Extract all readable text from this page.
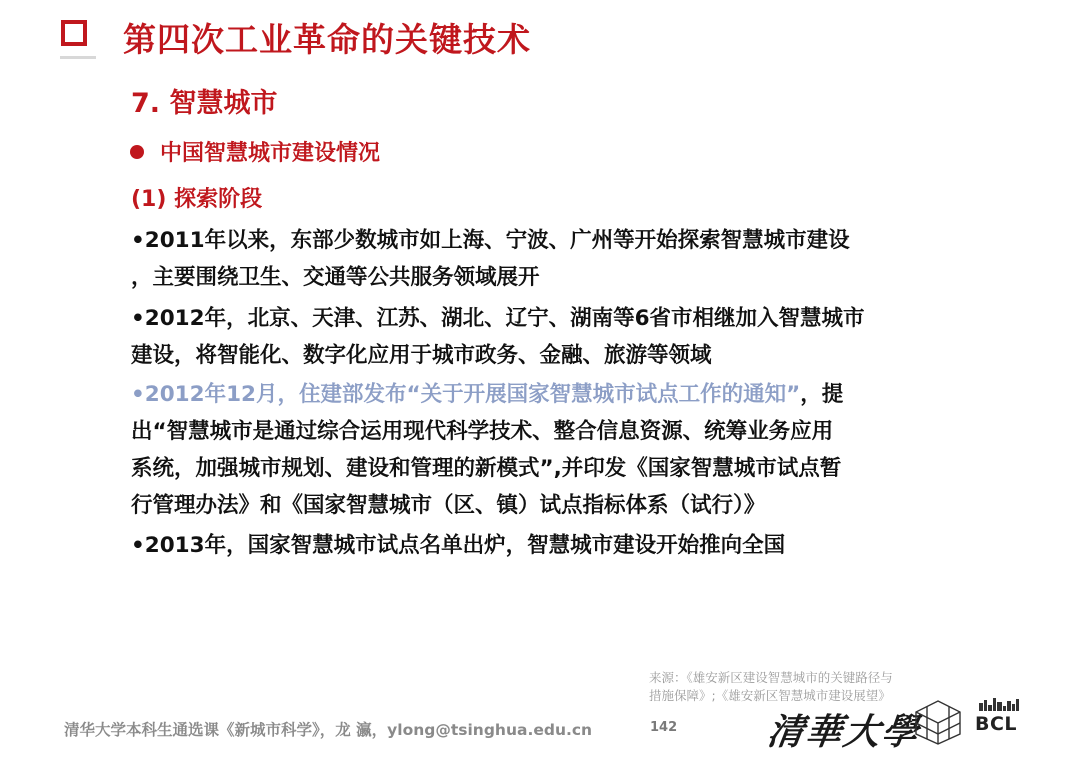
第四次工业革命的关键技术
7. 智慧城市
中国智慧城市建设情况
(1) 探索阶段
•2011年以来，东部少数城市如上海、宁波、广州等开始探索智慧城市建设
，主要围绕卫生、交通等公共服务领域展开
•2012年，北京、天津、江苏、湖北、辽宁、湖南等6省市相继加入智慧城市
建设，将智能化、数字化应用于城市政务、金融、旅游等领域
•2012年12月，住建部发布“关于开展国家智慧城市试点工作的通知”，提
出“智慧城市是通过综合运用现代科学技术、整合信息资源、统筹业务应用
系统，加强城市规划、建设和管理的新模式”,并印发《国家智慧城市试点暂
行管理办法》和《国家智慧城市（区、镇）试点指标体系（试行）》
•2013年，国家智慧城市试点名单出炉，智慧城市建设开始推向全国
来源：《雄安新区建设智慧城市的关键路径与
措施保障》;《雄安新区智慧城市建设展望》
清华大学本科生通选课《新城市科学》，龙 瀛，ylong@tsinghua.edu.cn	142 清華大學	BCL
